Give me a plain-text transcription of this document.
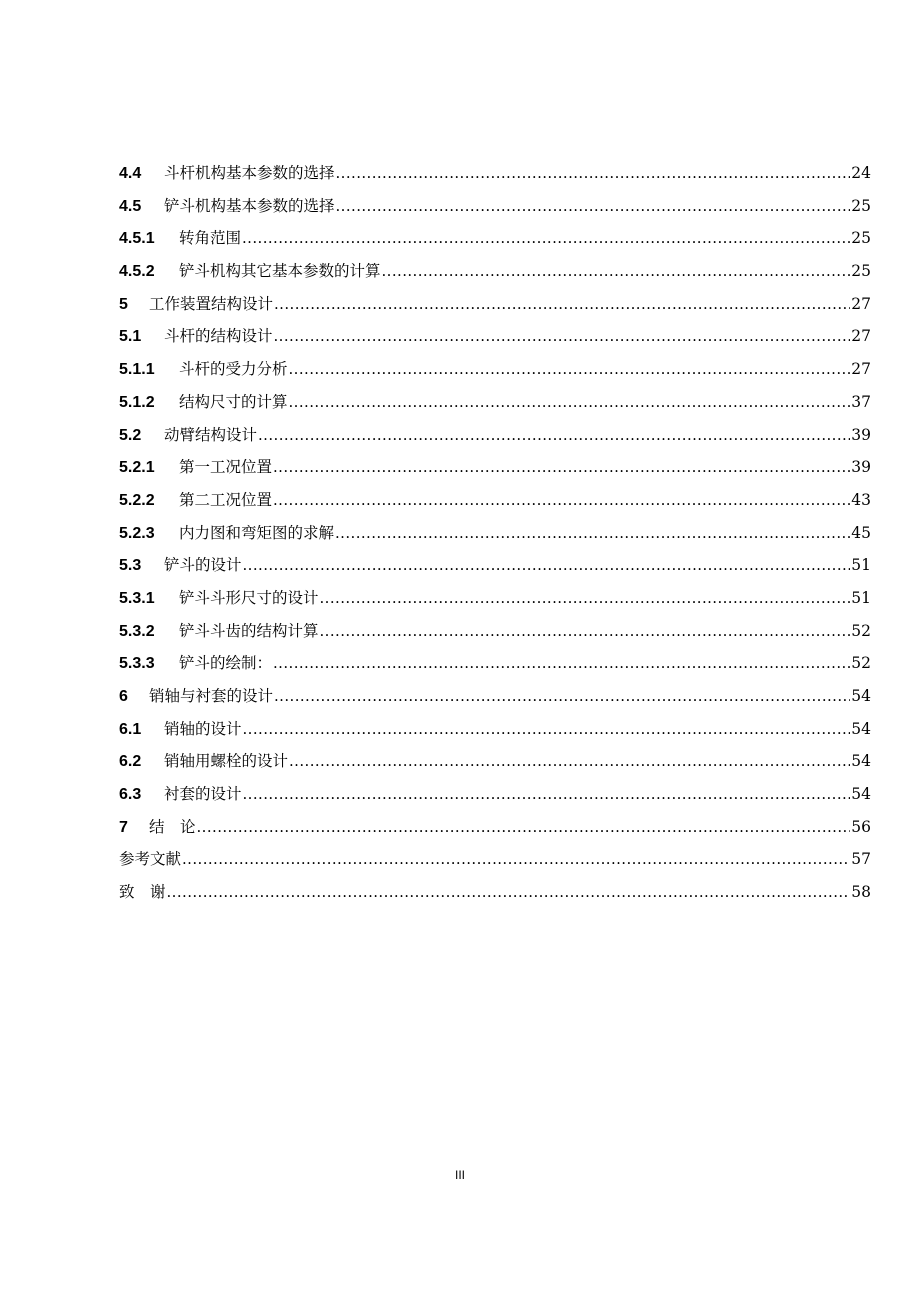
4.4	斗杆机构基本参数的选择 .....	24
4.5	铲斗机构基本参数的选择 .....	25
4.5.1	转角范围 .....	25
4.5.2	铲斗机构其它基本参数的计算 .....	25
5	工作装置结构设计 .....	27
5.1	斗杆的结构设计 .....	27
5.1.1	斗杆的受力分析 .....	27
5.1.2	结构尺寸的计算 .....	37
5.2	动臂结构设计 .....	39
5.2.1	第一工况位置 .....	39
5.2.2	第二工况位置 .....	43
5.2.3	内力图和弯矩图的求解 .....	45
5.3	铲斗的设计 .....	51
5.3.1	铲斗斗形尺寸的设计 .....	51
5.3.2	铲斗斗齿的结构计算 .....	52
5.3.3	铲斗的绘制： .....	52
6	销轴与衬套的设计 .....	54
6.1	销轴的设计 .....	54
6.2	销轴用螺栓的设计 .....	54
6.3	衬套的设计 .....	54
7	结　论 .....	56
参考文献 .....	57
致　谢 .....	58
III
